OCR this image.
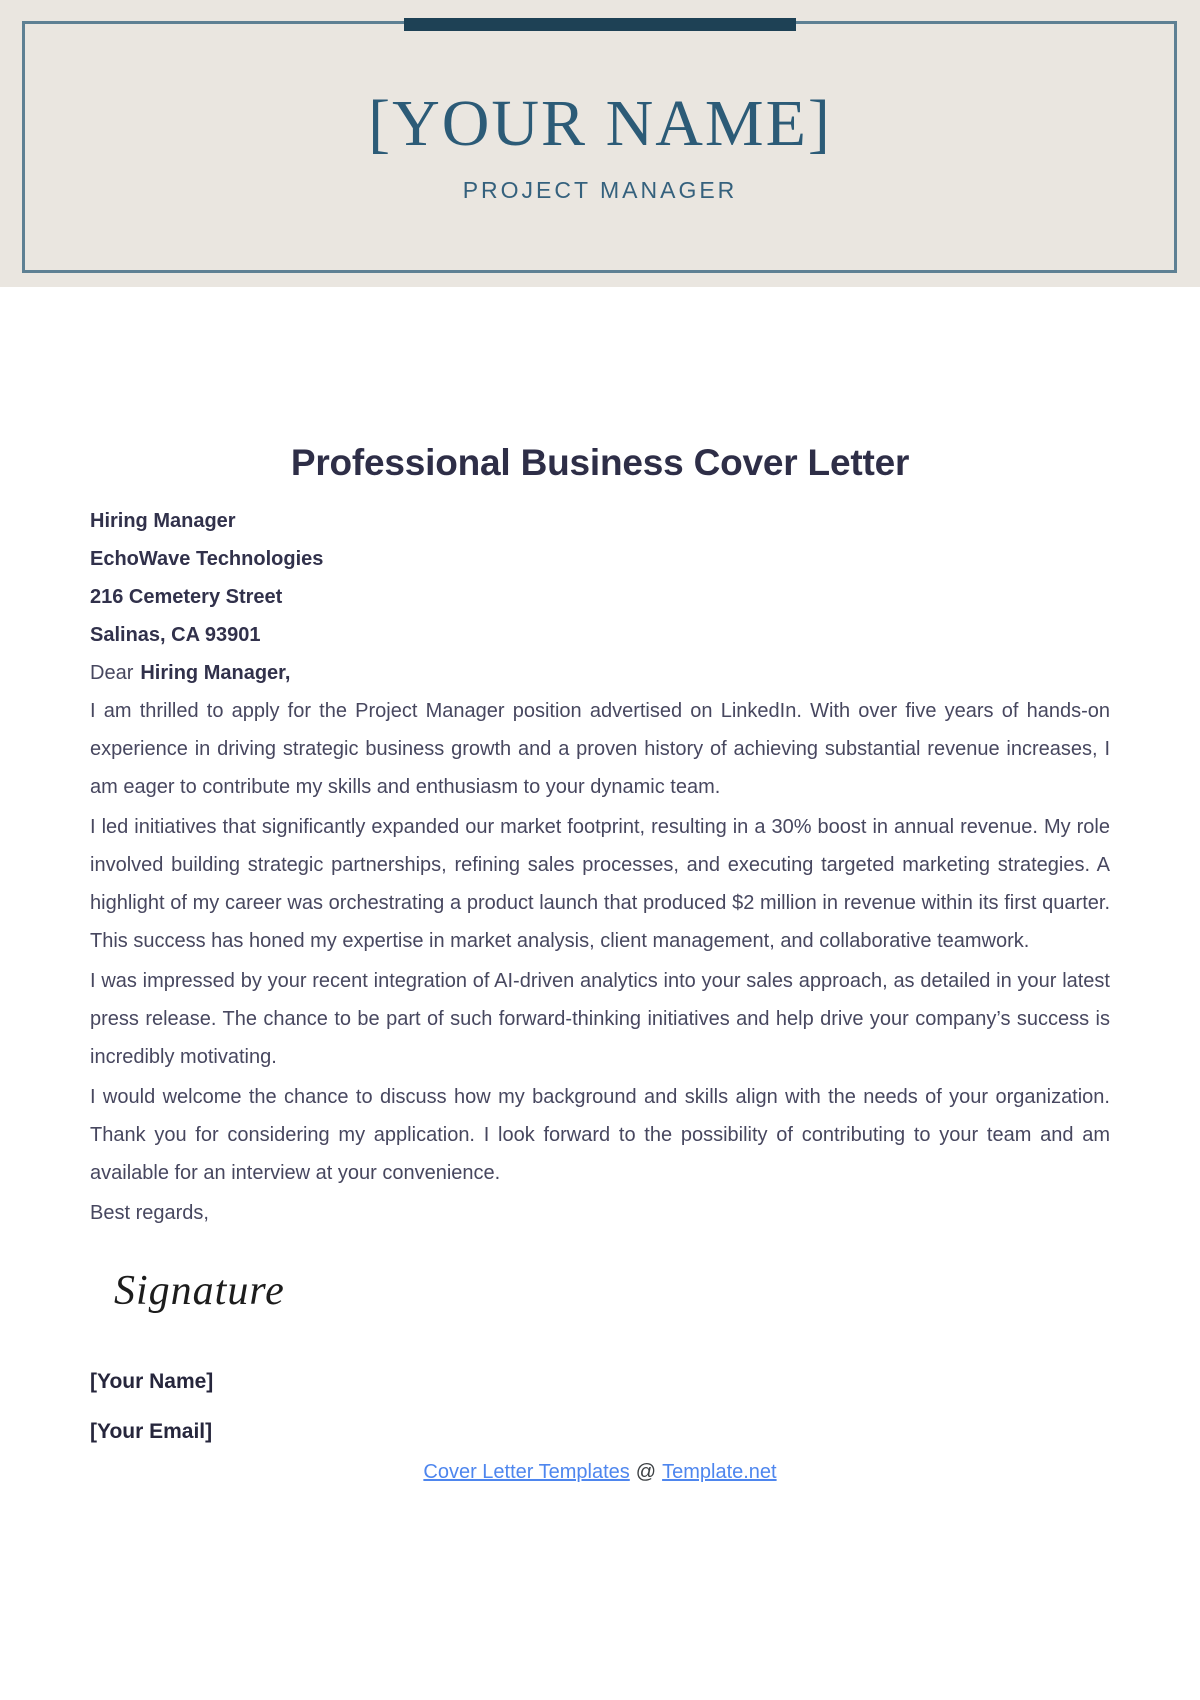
[YOUR NAME]
PROJECT MANAGER
Professional Business Cover Letter
Hiring Manager
EchoWave Technologies
216 Cemetery Street
Salinas, CA 93901
Dear Hiring Manager,

I am thrilled to apply for the Project Manager position advertised on LinkedIn. With over five years of hands-on experience in driving strategic business growth and a proven history of achieving substantial revenue increases, I am eager to contribute my skills and enthusiasm to your dynamic team.

I led initiatives that significantly expanded our market footprint, resulting in a 30% boost in annual revenue. My role involved building strategic partnerships, refining sales processes, and executing targeted marketing strategies. A highlight of my career was orchestrating a product launch that produced $2 million in revenue within its first quarter. This success has honed my expertise in market analysis, client management, and collaborative teamwork.

I was impressed by your recent integration of AI-driven analytics into your sales approach, as detailed in your latest press release. The chance to be part of such forward-thinking initiatives and help drive your company’s success is incredibly motivating.

I would welcome the chance to discuss how my background and skills align with the needs of your organization. Thank you for considering my application. I look forward to the possibility of contributing to your team and am available for an interview at your convenience.

Best regards,

Signature
[Your Name]
[Your Email]
Cover Letter Templates @ Template.net
